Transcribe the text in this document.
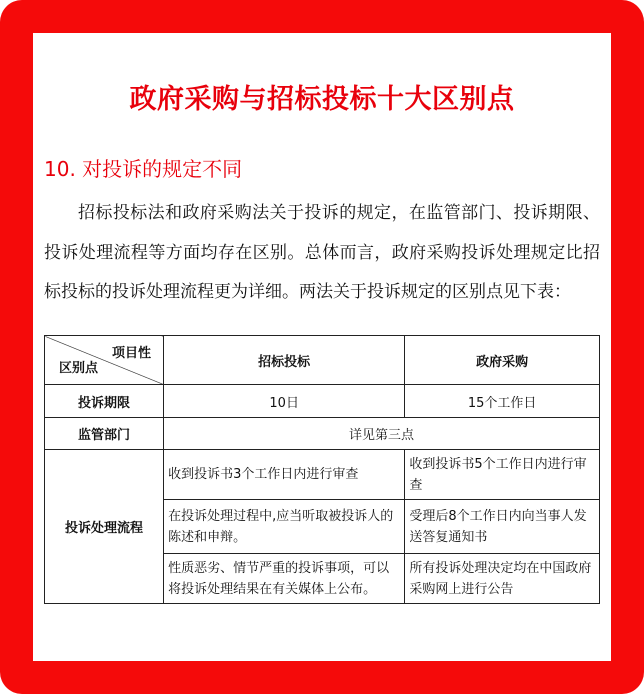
政府采购与招标投标十大区别点
10. 对投诉的规定不同
招标投标法和政府采购法关于投诉的规定，在监管部门、投诉期限、投诉处理流程等方面均存在区别。总体而言，政府采购投诉处理规定比招标投标的投诉处理流程更为详细。两法关于投诉规定的区别点见下表：
项目性
区别点	招标投标	政府采购
投诉期限	10日	15个工作日
监管部门	详见第三点	
投诉处理流程	收到投诉书3个工作日内进行审查	收到投诉书5个工作日内进行审查
	在投诉处理过程中,应当听取被投诉人的陈述和申辩。	受理后8个工作日内向当事人发送答复通知书
	性质恶劣、情节严重的投诉事项，可以将投诉处理结果在有关媒体上公布。	所有投诉处理决定均在中国政府采购网上进行公告
